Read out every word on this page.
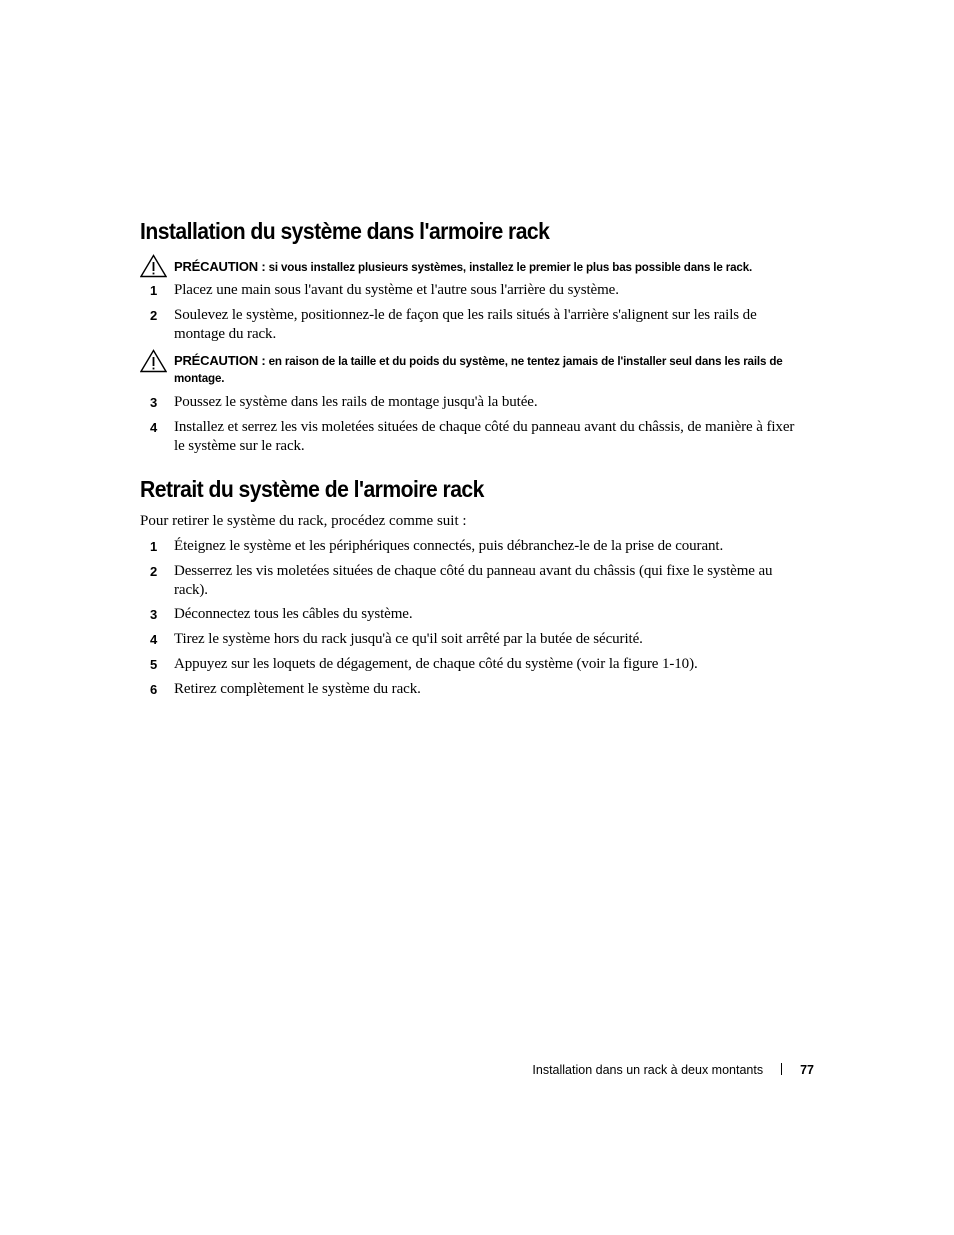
Installation du système dans l'armoire rack
PRÉCAUTION : si vous installez plusieurs systèmes, installez le premier le plus bas possible dans le rack.
1 Placez une main sous l'avant du système et l'autre sous l'arrière du système.
2 Soulevez le système, positionnez-le de façon que les rails situés à l'arrière s'alignent sur les rails de montage du rack.
PRÉCAUTION : en raison de la taille et du poids du système, ne tentez jamais de l'installer seul dans les rails de montage.
3 Poussez le système dans les rails de montage jusqu'à la butée.
4 Installez et serrez les vis moletées situées de chaque côté du panneau avant du châssis, de manière à fixer le système sur le rack.
Retrait du système de l'armoire rack
Pour retirer le système du rack, procédez comme suit :
1 Éteignez le système et les périphériques connectés, puis débranchez-le de la prise de courant.
2 Desserrez les vis moletées situées de chaque côté du panneau avant du châssis (qui fixe le système au rack).
3 Déconnectez tous les câbles du système.
4 Tirez le système hors du rack jusqu'à ce qu'il soit arrêté par la butée de sécurité.
5 Appuyez sur les loquets de dégagement, de chaque côté du système (voir la figure 1-10).
6 Retirez complètement le système du rack.
Installation dans un rack à deux montants	77
